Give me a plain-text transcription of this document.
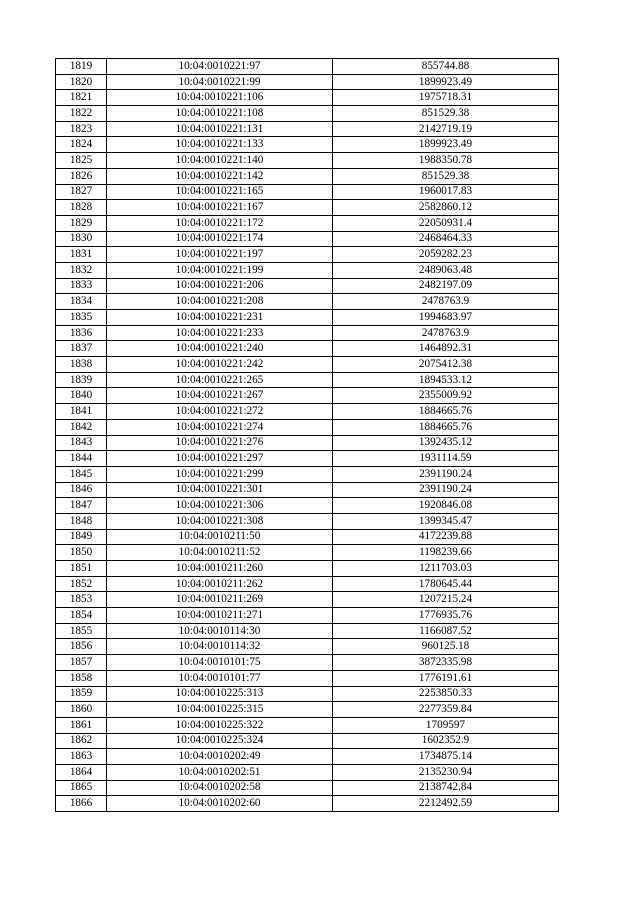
1819	10:04:0010221:97	855744.88
1820	10:04:0010221:99	1899923.49
1821	10:04:0010221:106	1975718.31
1822	10:04:0010221:108	851529.38
1823	10:04:0010221:131	2142719.19
1824	10:04:0010221:133	1899923.49
1825	10:04:0010221:140	1988350.78
1826	10:04:0010221:142	851529.38
1827	10:04:0010221:165	1960017.83
1828	10:04:0010221:167	2582860.12
1829	10:04:0010221:172	22050931.4
1830	10:04:0010221:174	2468464.33
1831	10:04:0010221:197	2059282.23
1832	10:04:0010221:199	2489063.48
1833	10:04:0010221:206	2482197.09
1834	10:04:0010221:208	2478763.9
1835	10:04:0010221:231	1994683.97
1836	10:04:0010221:233	2478763.9
1837	10:04:0010221:240	1464892.31
1838	10:04:0010221:242	2075412.38
1839	10:04:0010221:265	1894533.12
1840	10:04:0010221:267	2355009.92
1841	10:04:0010221:272	1884665.76
1842	10:04:0010221:274	1884665.76
1843	10:04:0010221:276	1392435.12
1844	10:04:0010221:297	1931114.59
1845	10:04:0010221:299	2391190.24
1846	10:04:0010221:301	2391190.24
1847	10:04:0010221:306	1920846.08
1848	10:04:0010221:308	1399345.47
1849	10:04:0010211:50	4172239.88
1850	10:04:0010211:52	1198239.66
1851	10:04:0010211:260	1211703.03
1852	10:04:0010211:262	1780645.44
1853	10:04:0010211:269	1207215.24
1854	10:04:0010211:271	1776935.76
1855	10:04:0010114:30	1166087.52
1856	10:04:0010114:32	960125.18
1857	10:04:0010101:75	3872335.98
1858	10:04:0010101:77	1776191.61
1859	10:04:0010225:313	2253850.33
1860	10:04:0010225:315	2277359.84
1861	10:04:0010225:322	1709597
1862	10:04:0010225:324	1602352.9
1863	10:04:0010202:49	1734875.14
1864	10:04:0010202:51	2135230.94
1865	10:04:0010202:58	2138742.84
1866	10:04:0010202:60	2212492.59
